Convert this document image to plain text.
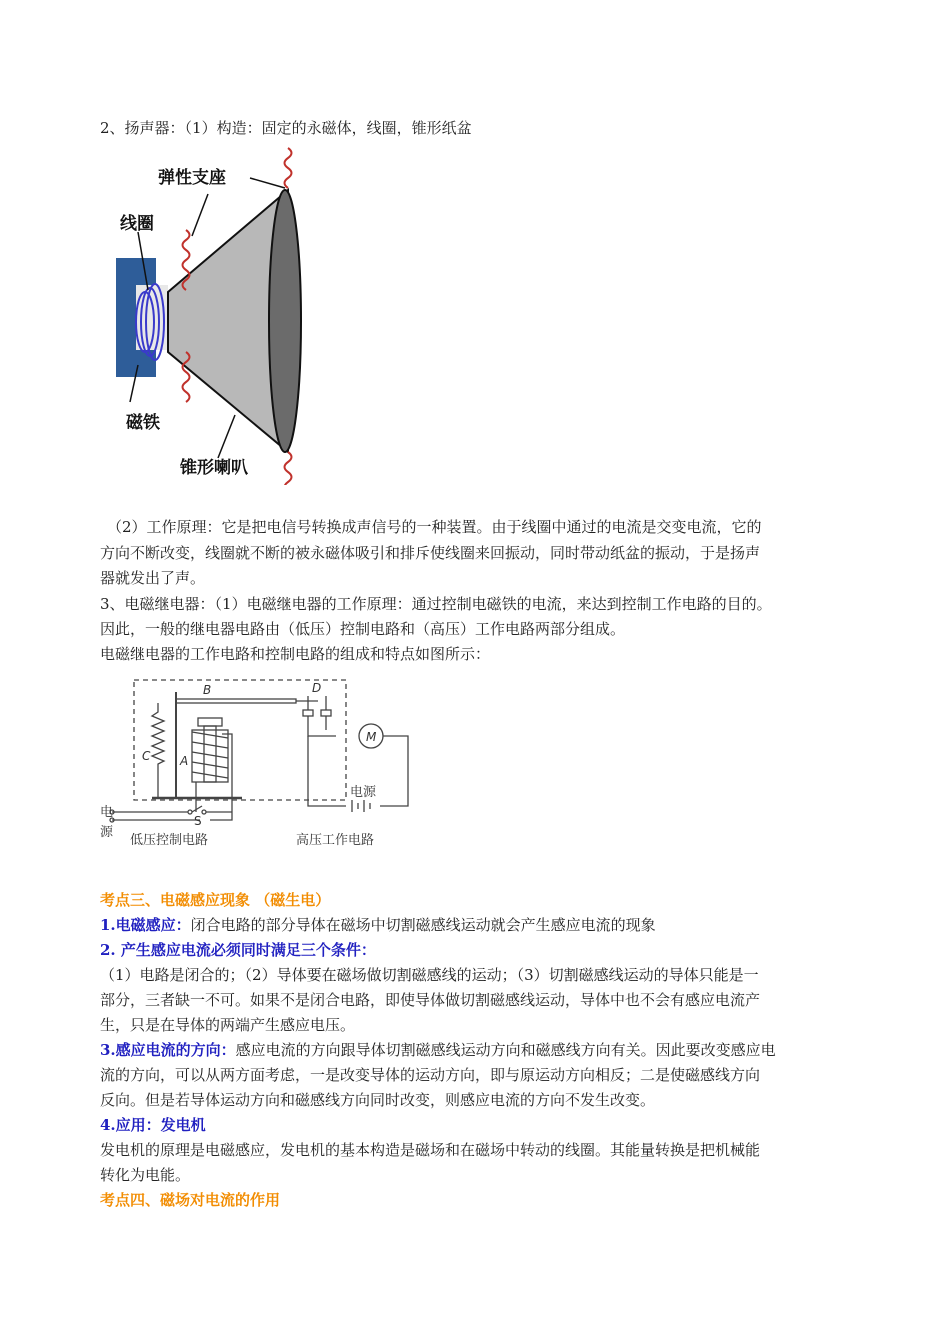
2、扬声器：（1）构造：固定的永磁体，线圈，锥形纸盆
弹性支座
线圈
磁铁
锥形喇叭
（2）工作原理：它是把电信号转换成声信号的一种装置。由于线圈中通过的电流是交变电流，它的
方向不断改变，线圈就不断的被永磁体吸引和排斥使线圈来回振动，同时带动纸盆的振动，于是扬声
器就发出了声。
3、电磁继电器：（1）电磁继电器的工作原理：通过控制电磁铁的电流，来达到控制工作电路的目的。
因此，一般的继电器电路由（低压）控制电路和（高压）工作电路两部分组成。
电磁继电器的工作电路和控制电路的组成和特点如图所示：
B	D
C A
M
S
电
源
电源
低压控制电路	高压工作电路
考点三、电磁感应现象 （磁生电）
1.电磁感应：闭合电路的部分导体在磁场中切割磁感线运动就会产生感应电流的现象
2. 产生感应电流必须同时满足三个条件：
（1）电路是闭合的；（2）导体要在磁场做切割磁感线的运动；（3）切割磁感线运动的导体只能是一
部分，三者缺一不可。如果不是闭合电路，即使导体做切割磁感线运动，导体中也不会有感应电流产
生，只是在导体的两端产生感应电压。
3.感应电流的方向：感应电流的方向跟导体切割磁感线运动方向和磁感线方向有关。因此要改变感应电
流的方向，可以从两方面考虑，一是改变导体的运动方向，即与原运动方向相反；二是使磁感线方向
反向。但是若导体运动方向和磁感线方向同时改变，则感应电流的方向不发生改变。
4.应用：发电机
发电机的原理是电磁感应，发电机的基本构造是磁场和在磁场中转动的线圈。其能量转换是把机械能
转化为电能。
考点四、磁场对电流的作用
